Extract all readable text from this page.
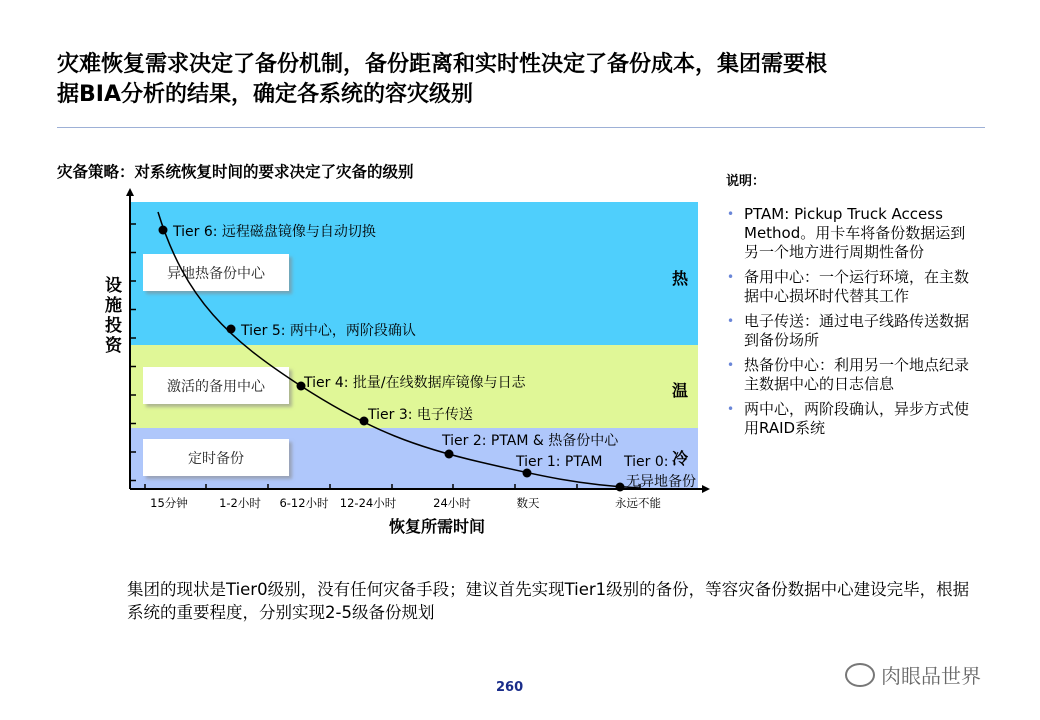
灾难恢复需求决定了备份机制，备份距离和实时性决定了备份成本，集团需要根据BIA分析的结果，确定各系统的容灾级别
灾备策略：对系统恢复时间的要求决定了灾备的级别
异地热备份中心	热
激活的备用中心	温
定时备份	冷
15分钟	1-2小时 6-12小时 12-24小时	24小时	数天	永远不能
恢复所需时间
Tier 6: 远程磁盘镜像与自动切换
Tier 5: 两中心，两阶段确认
Tier 4: 批量/在线数据库镜像与日志
Tier 3: 电子传送
Tier 2: PTAM & 热备份中心
Tier 1: PTAM Tier 0:
无异地备份
设施投资
说明：
• PTAM: Pickup Truck Access Method。用卡车将备份数据运到另一个地方进行周期性备份
• 备用中心：一个运行环境，在主数据中心损坏时代替其工作
• 电子传送：通过电子线路传送数据到备份场所
• 热备份中心：利用另一个地点纪录主数据中心的日志信息
• 两中心，两阶段确认，异步方式使用RAID系统
集团的现状是Tier0级别，没有任何灾备手段；建议首先实现Tier1级别的备份，等容灾备份数据中心建设完毕，根据系统的重要程度，分别实现2-5级备份规划
260	肉眼品世界
